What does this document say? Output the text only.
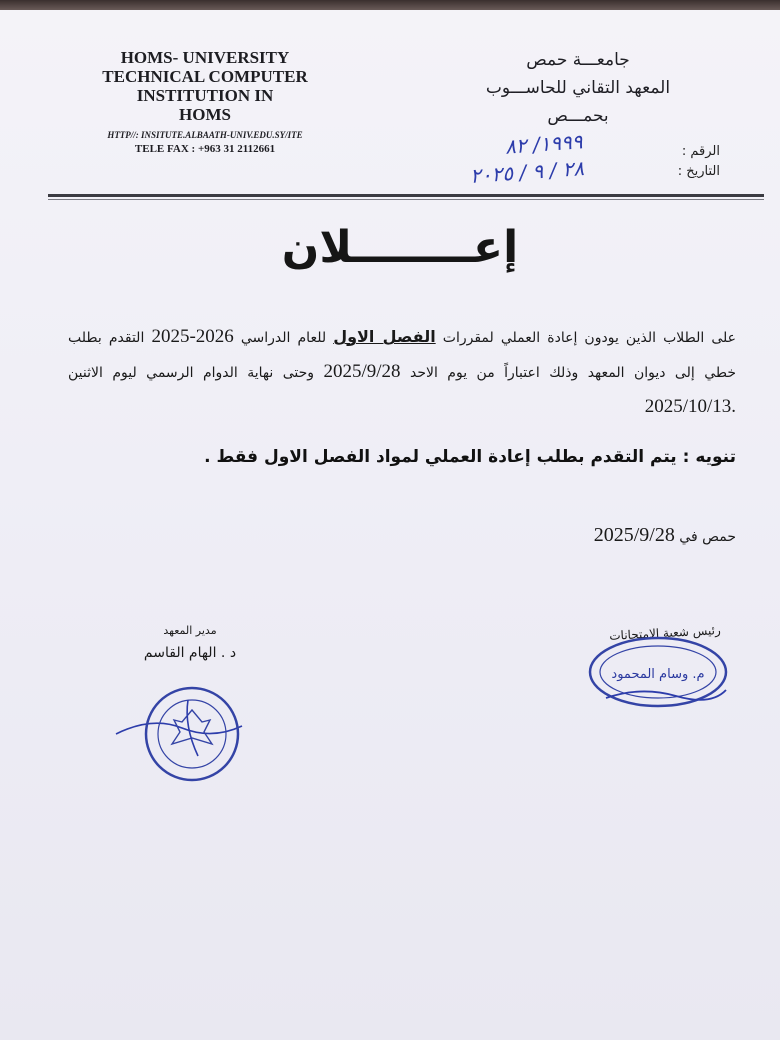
HOMS- UNIVERSITY
TECHNICAL COMPUTER
INSTITUTION IN
HOMS
HTTP//: INSITUTE.ALBAATH-UNIV.EDU.SY/ITE
TELE FAX : +963 31 2112661
جامعـــة حمص
المعهد التقاني للحاســـوب
بحمـــص
الرقم :
التاريخ :
١٩٩٩/ ٨٢
٢٨ / ٩ / ٢٠٢٥
إعــــــــلان
على الطلاب الذين يودون إعادة العملي لمقررات الفصل الاول للعام الدراسي 2025-2026 التقدم بطلب خطي إلى ديوان المعهد وذلك اعتباراً من يوم الاحد 2025/9/28 وحتى نهاية الدوام الرسمي ليوم الاثنين 2025/10/13.
تنويه : يتم التقدم بطلب إعادة العملي لمواد الفصل الاول فقط .
حمص في 2025/9/28
مدير المعهد
د . الهام القاسم
رئيس شعبة الامتحانات
م. وسام المحمود
